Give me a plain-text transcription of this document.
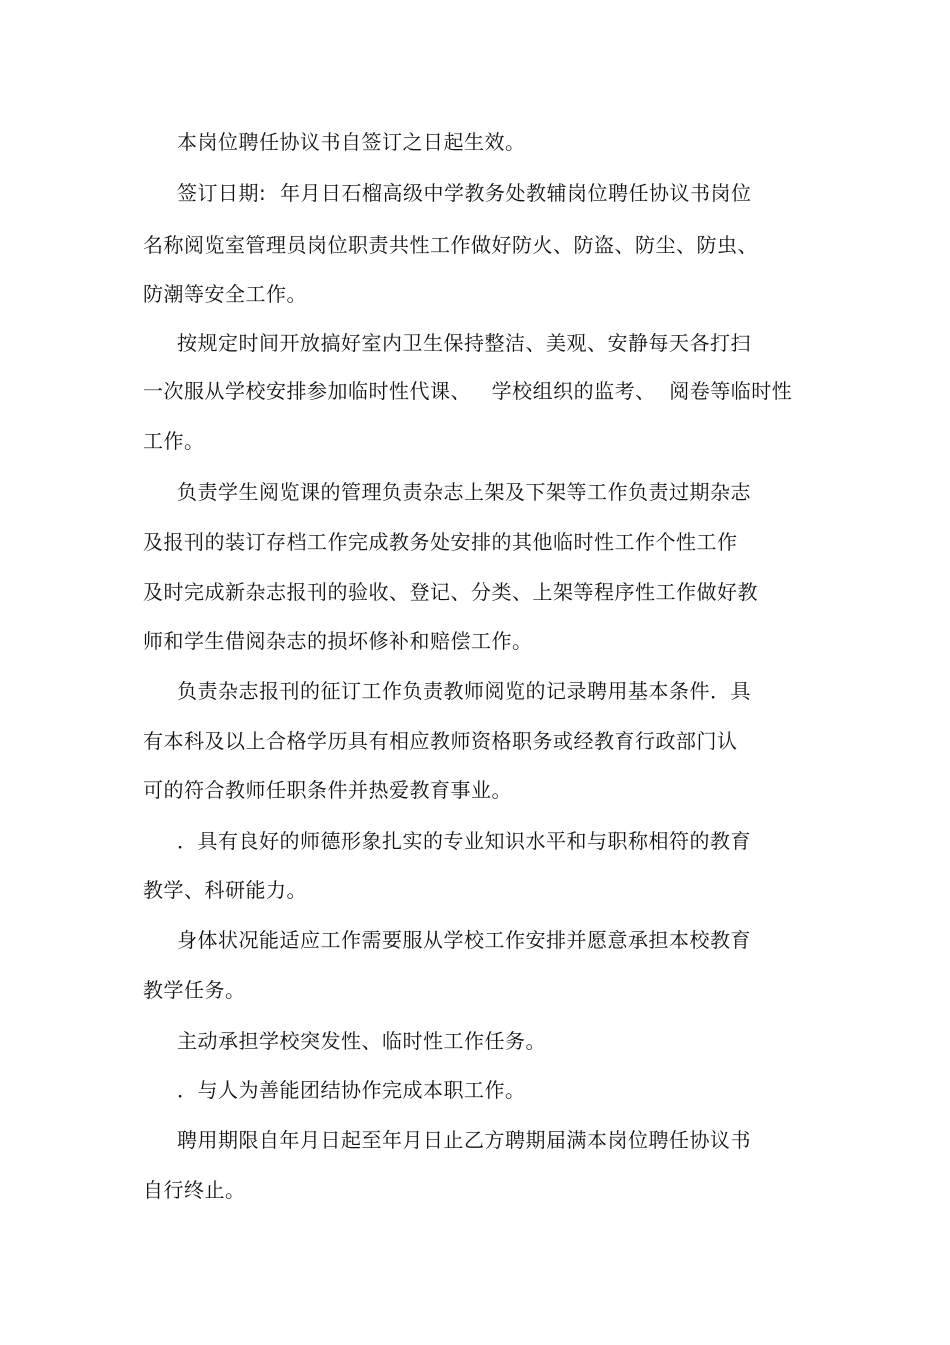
本岗位聘任协议书自签订之日起生效。
签订日期:  年月日石榴高级中学教务处教辅岗位聘任协议书岗位
名称阅览室管理员岗位职责共性工作做好防火、防盗、防尘、防虫、
防潮等安全工作。
按规定时间开放搞好室内卫生保持整洁、美观、安静每天各打扫
一次服从学校安排参加临时性代课、   学校组织的监考、  阅卷等临时性
工作。
负责学生阅览课的管理负责杂志上架及下架等工作负责过期杂志
及报刊的装订存档工作完成教务处安排的其他临时性工作个性工作
及时完成新杂志报刊的验收、登记、分类、上架等程序性工作做好教
师和学生借阅杂志的损坏修补和赔偿工作。
负责杂志报刊的征订工作负责教师阅览的记录聘用基本条件．具
有本科及以上合格学历具有相应教师资格职务或经教育行政部门认
可的符合教师任职条件并热爱教育事业。
．具有良好的师德形象扎实的专业知识水平和与职称相符的教育
教学、科研能力。
身体状况能适应工作需要服从学校工作安排并愿意承担本校教育
教学任务。
主动承担学校突发性、临时性工作任务。
．与人为善能团结协作完成本职工作。
聘用期限自年月日起至年月日止乙方聘期届满本岗位聘任协议书
自行终止。
